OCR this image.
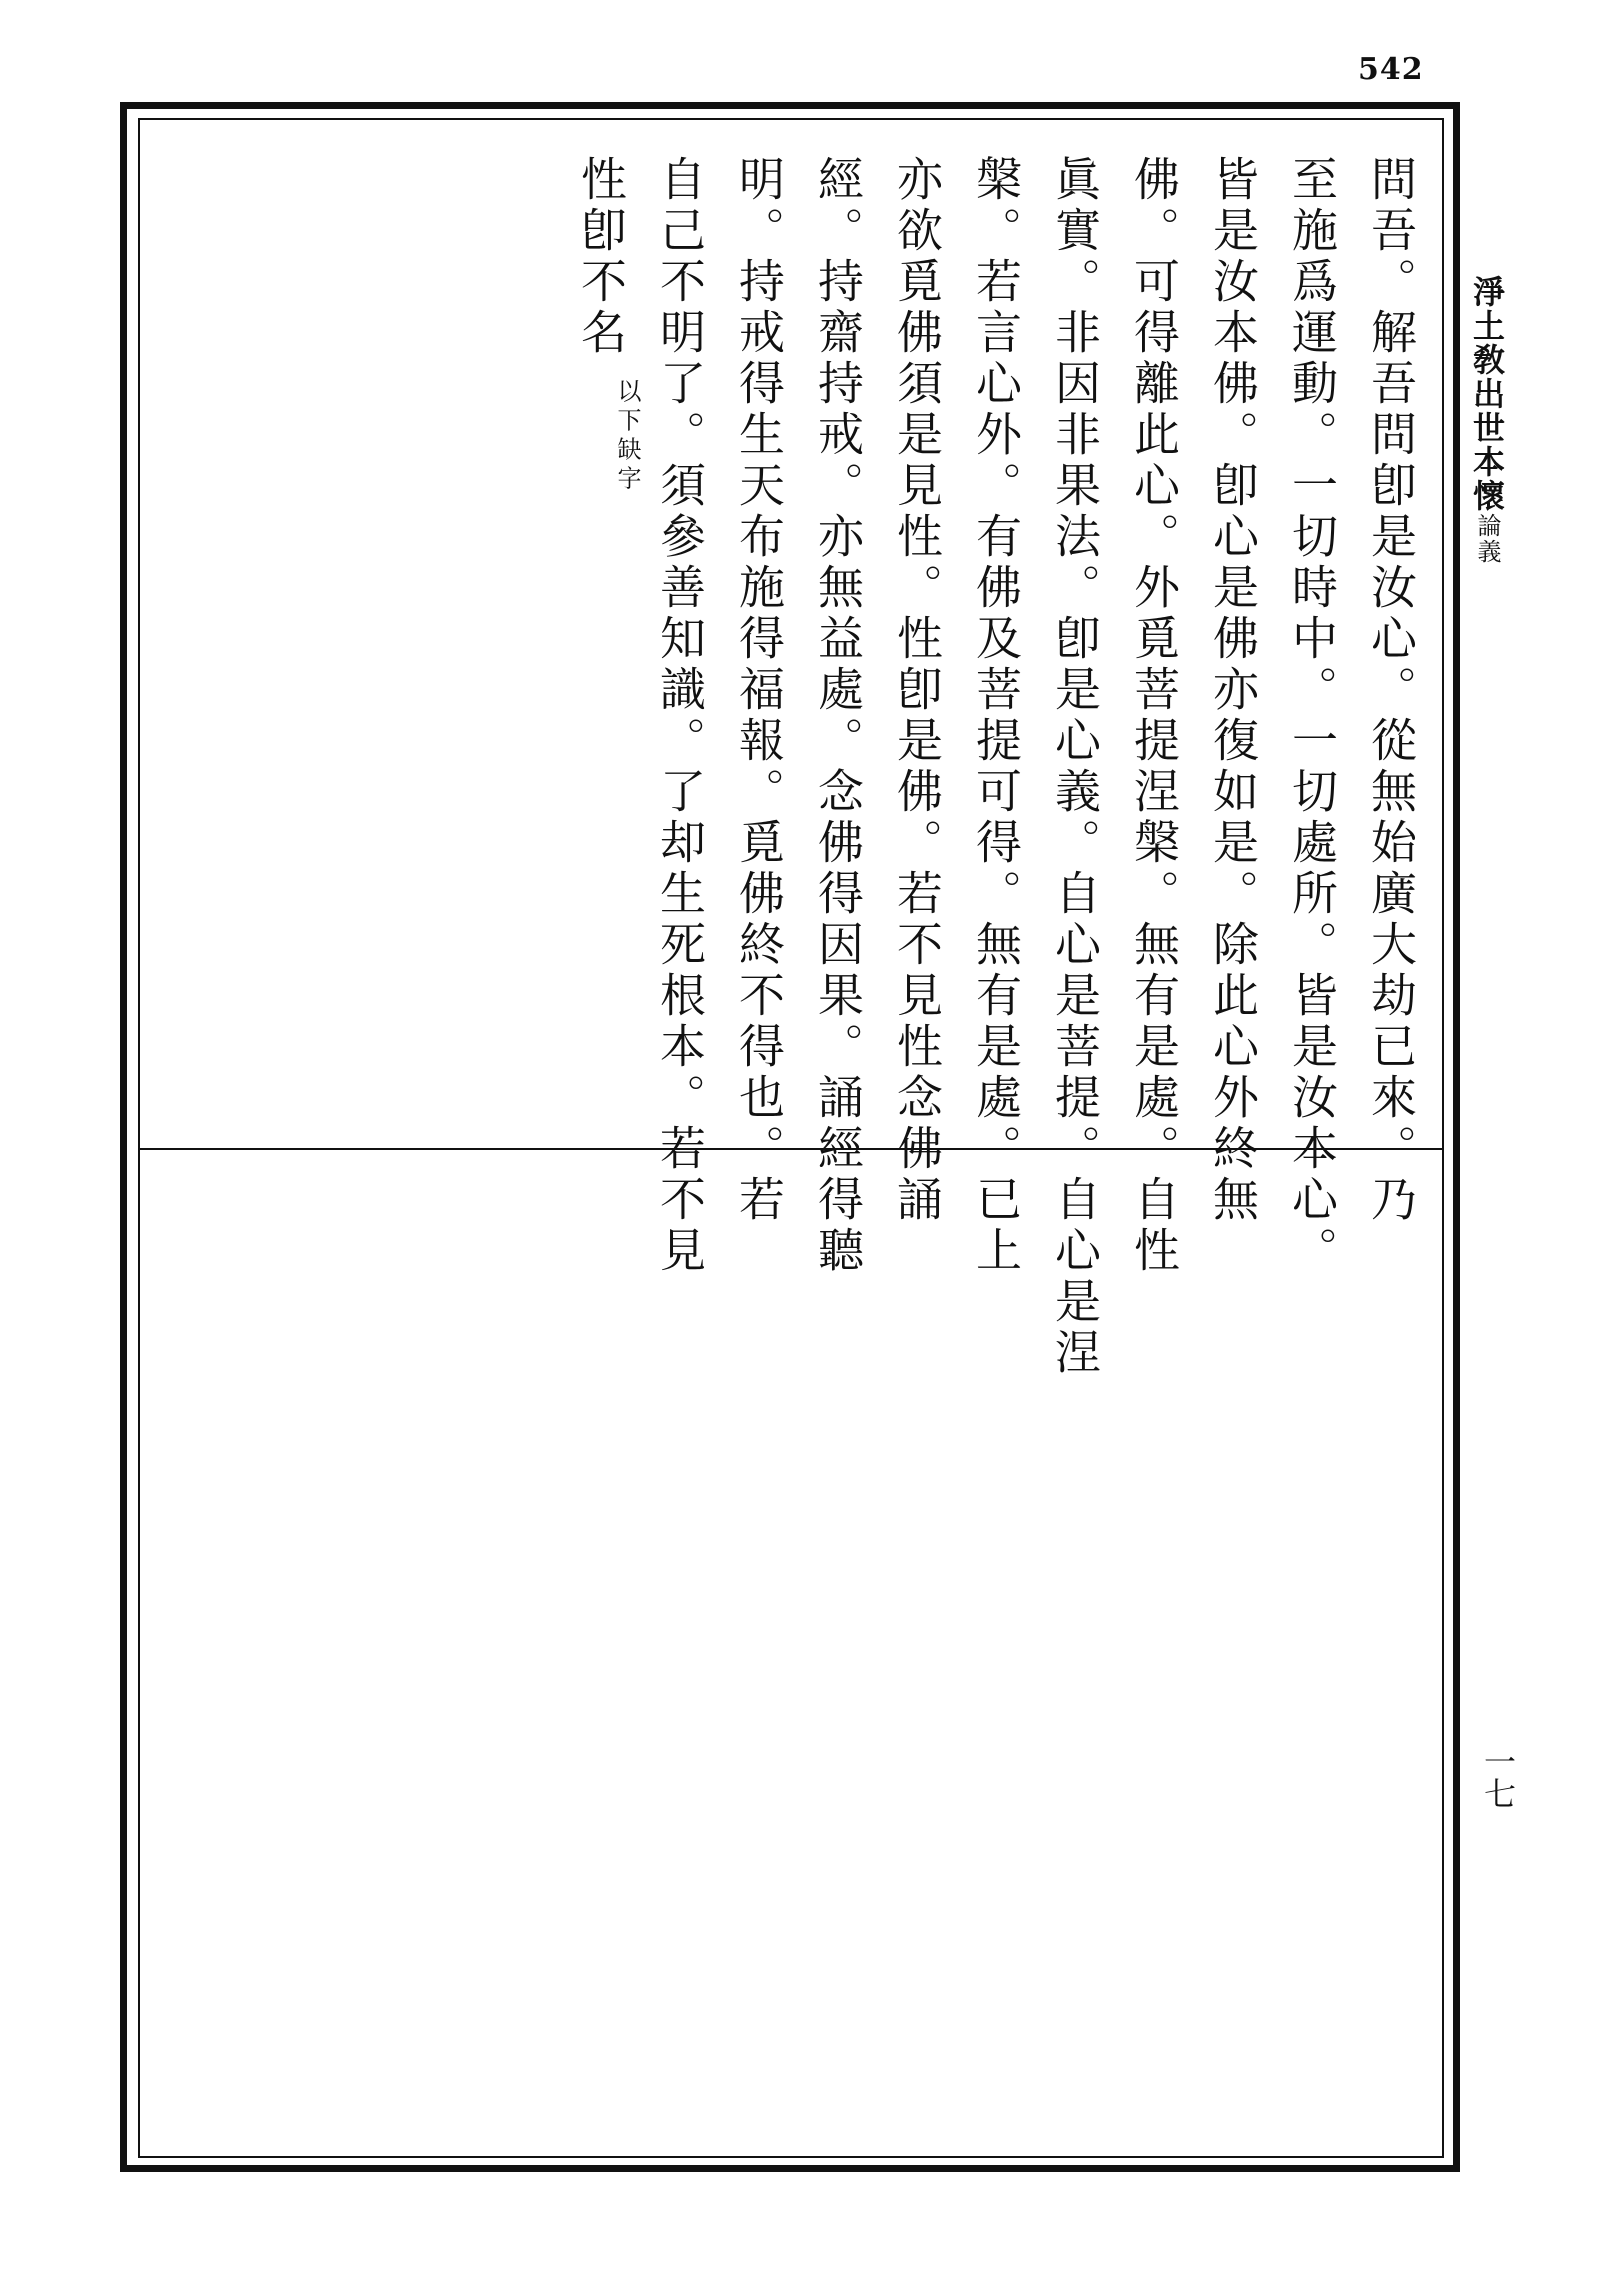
542
淨土敎出世本懷論義
一七
問吾。解吾問卽是汝心。從無始廣大劫已來。乃
至施爲運動。一切時中。一切處所。皆是汝本心。
皆是汝本佛。卽心是佛亦復如是。除此心外終無
佛。可得離此心。外覓菩提涅槃。無有是處。自性
眞實。非因非果法。卽是心義。自心是菩提。自心是涅
槃。若言心外。有佛及菩提可得。無有是處。已上
亦欲覓佛須是見性。性卽是佛。若不見性念佛誦
經。持齋持戒。亦無益處。念佛得因果。誦經得聽
明。持戒得生天布施得福報。覓佛終不得也。若
自己不明了。須參善知識。了却生死根本。若不見
性卽不名 $^{以下缺字}$
